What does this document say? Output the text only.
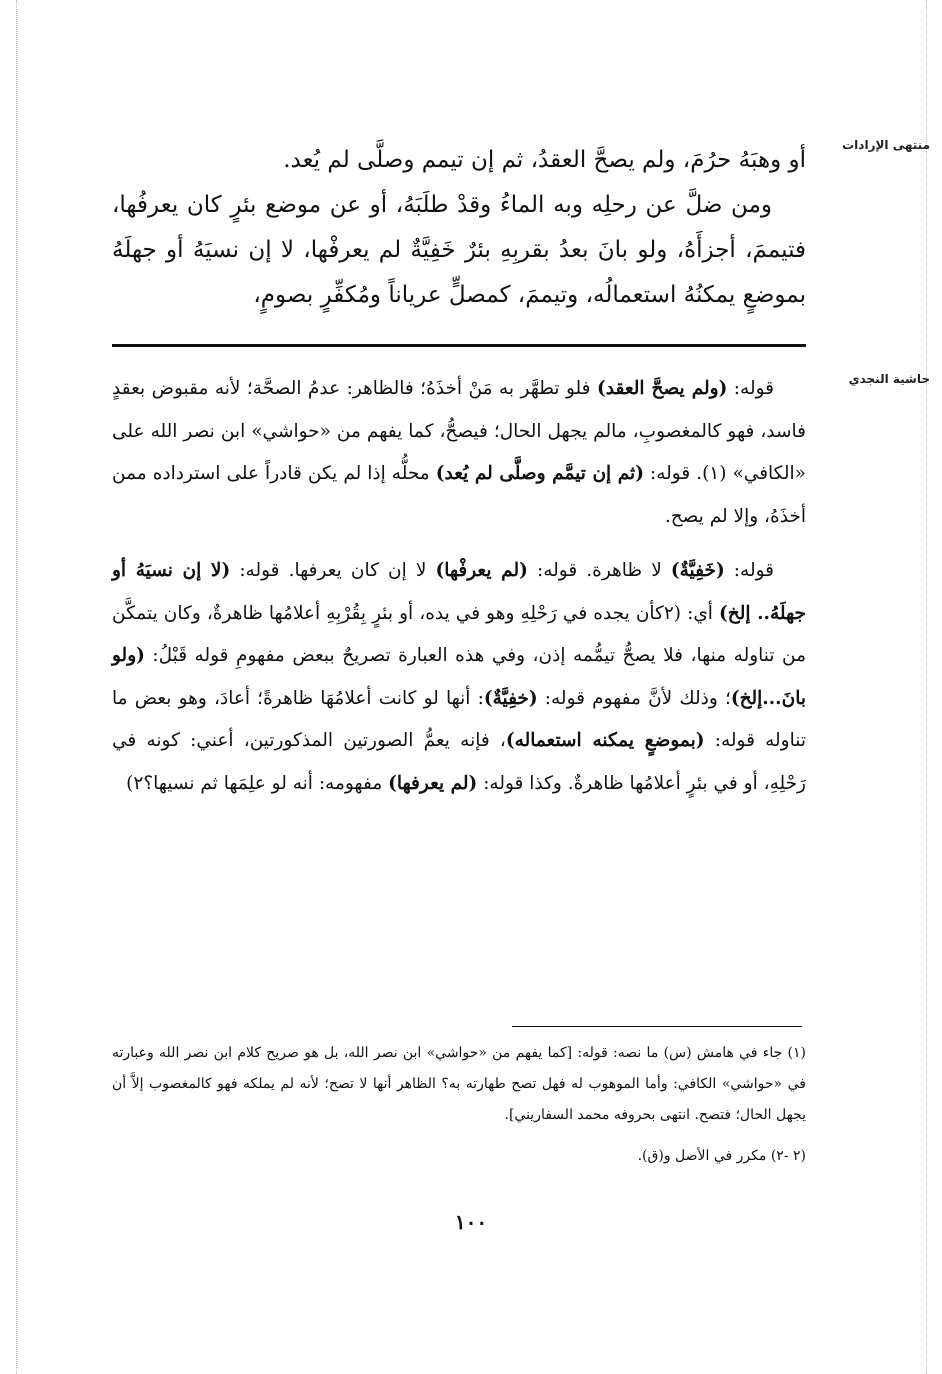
منتهى الإرادات
حاشية النجدي

أو وهبَهُ حرُمَ، ولم يصحَّ العقدُ، ثم إن تيمم وصلَّى لم يُعد.

ومن ضلَّ عن رحلِه وبه الماءُ وقدْ طلَبَهُ، أو عن موضع بئرٍ كان يعرفُها، فتيممَ، أجزأَهُ، ولو بانَ بعدُ بقربِهِ بئرٌ خَفِيَّةٌ لم يعرفْها، لا إن نسيَهُ أو جهلَهُ بموضعٍ يمكنُهُ استعمالُه، وتيممَ، كمصلٍّ عرياناً ومُكفِّرٍ بصومٍ،

قوله: (ولم يصحَّ العقد) فلو تطهَّر به مَنْ أخذَهُ؛ فالظاهر: عدمُ الصحَّة؛ لأنه مقبوض بعقدٍ فاسد، فهو كالمغصوبِ، مالم يجهل الحال؛ فيصحُّ، كما يفهم من «حواشي» ابن نصر الله على «الكافي» (١). قوله: (ثم إن تيمَّم وصلَّى لم يُعد) محلُّه إذا لم يكن قادراً على استرداده ممن أخذَهُ، وإلا لم يصح.

قوله: (خَفِيَّةٌ) لا ظاهرة. قوله: (لم يعرفْها) لا إن كان يعرفها. قوله: (لا إن نسيَهُ أو جهلَهُ.. إلخ) أي: (٢كأن يجده في رَحْلِهِ وهو في يده، أو بئرٍ بِقُرْبِهِ أعلامُها ظاهرةٌ، وكان يتمكَّن من تناوله منها، فلا يصحُّ تيمُّمه إذن، وفي هذه العبارة تصريحٌ ببعض مفهومِ قوله قَبْلُ: (ولو بانَ...إلخ)؛ وذلك لأنَّ مفهوم قوله: (خفِيَّةٌ): أنها لو كانت أعلامُهَا ظاهرةً؛ أعادَ، وهو بعض ما تناوله قوله: (بموضعٍ يمكنه استعماله)، فإنه يعمُّ الصورتين المذكورتين، أعني: كونه في رَحْلِهِ، أو في بئرٍ أعلامُها ظاهرةٌ. وكذا قوله: (لم يعرفها) مفهومه: أنه لو علِمَها ثم نسيها؟٢)

(١) جاء في هامش (س) ما نصه: قوله: [كما يفهم من «حواشي» ابن نصر الله، بل هو صريح كلام ابن نصر الله وعبارته في «حواشي» الكافي: وأما الموهوب له فهل تصح طهارته به؟ الظاهر أنها لا تصح؛ لأنه لم يملكه فهو كالمغصوب إلاَّ أن يجهل الحال؛ فتصح. انتهى بحروفه محمد السفاريني].

(٢ -٢) مكرر في الأصل و(ق).

١٠٠
